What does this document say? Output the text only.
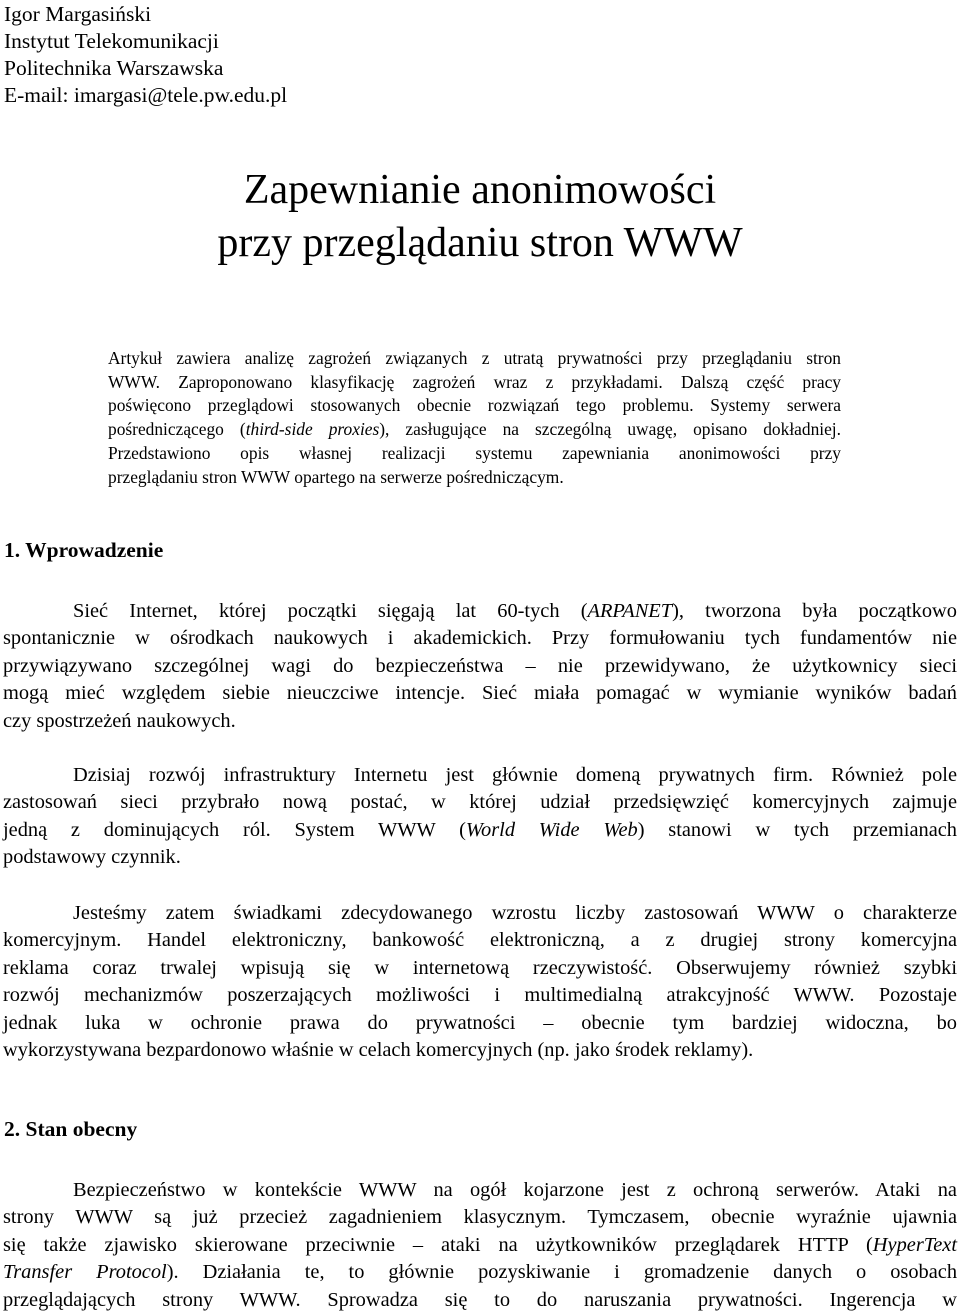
Igor Margasiński
Instytut Telekomunikacji
Politechnika Warszawska
E-mail: imargasi@tele.pw.edu.pl
Zapewnianie anonimowości
przy przeglądaniu stron WWW
Artykuł zawiera analizę zagrożeń związanych z utratą prywatności przy przeglądaniu stron
WWW. Zaproponowano klasyfikację zagrożeń wraz z przykładami. Dalszą część pracy
poświęcono przeglądowi stosowanych obecnie rozwiązań tego problemu. Systemy serwera
pośredniczącego (third-side proxies), zasługujące na szczególną uwagę, opisano dokładniej.
Przedstawiono opis własnej realizacji systemu zapewniania anonimowości przy
przeglądaniu stron WWW opartego na serwerze pośredniczącym.
1. Wprowadzenie
Sieć Internet, której początki sięgają lat 60-tych (ARPANET), tworzona była początkowo
spontanicznie w ośrodkach naukowych i akademickich. Przy formułowaniu tych fundamentów nie
przywiązywano szczególnej wagi do bezpieczeństwa – nie przewidywano, że użytkownicy sieci
mogą mieć względem siebie nieuczciwe intencje. Sieć miała pomagać w wymianie wyników badań
czy spostrzeżeń naukowych.
Dzisiaj rozwój infrastruktury Internetu jest głównie domeną prywatnych firm. Również pole
zastosowań sieci przybrało nową postać, w której udział przedsięwzięć komercyjnych zajmuje
jedną z dominujących ról. System WWW (World Wide Web) stanowi w tych przemianach
podstawowy czynnik.
Jesteśmy zatem świadkami zdecydowanego wzrostu liczby zastosowań WWW o charakterze
komercyjnym. Handel elektroniczny, bankowość elektroniczną, a z drugiej strony komercyjna
reklama coraz trwalej wpisują się w internetową rzeczywistość. Obserwujemy również szybki
rozwój mechanizmów poszerzających możliwości i multimedialną atrakcyjność WWW. Pozostaje
jednak luka w ochronie prawa do prywatności – obecnie tym bardziej widoczna, bo
wykorzystywana bezpardonowo właśnie w celach komercyjnych (np. jako środek reklamy).
2. Stan obecny
Bezpieczeństwo w kontekście WWW na ogół kojarzone jest z ochroną serwerów. Ataki na
strony WWW są już przecież zagadnieniem klasycznym. Tymczasem, obecnie wyraźnie ujawnia
się także zjawisko skierowane przeciwnie – ataki na użytkowników przeglądarek HTTP (HyperText
Transfer Protocol). Działania te, to głównie pozyskiwanie i gromadzenie danych o osobach
przeglądających strony WWW. Sprowadza się to do naruszania prywatności. Ingerencja w
